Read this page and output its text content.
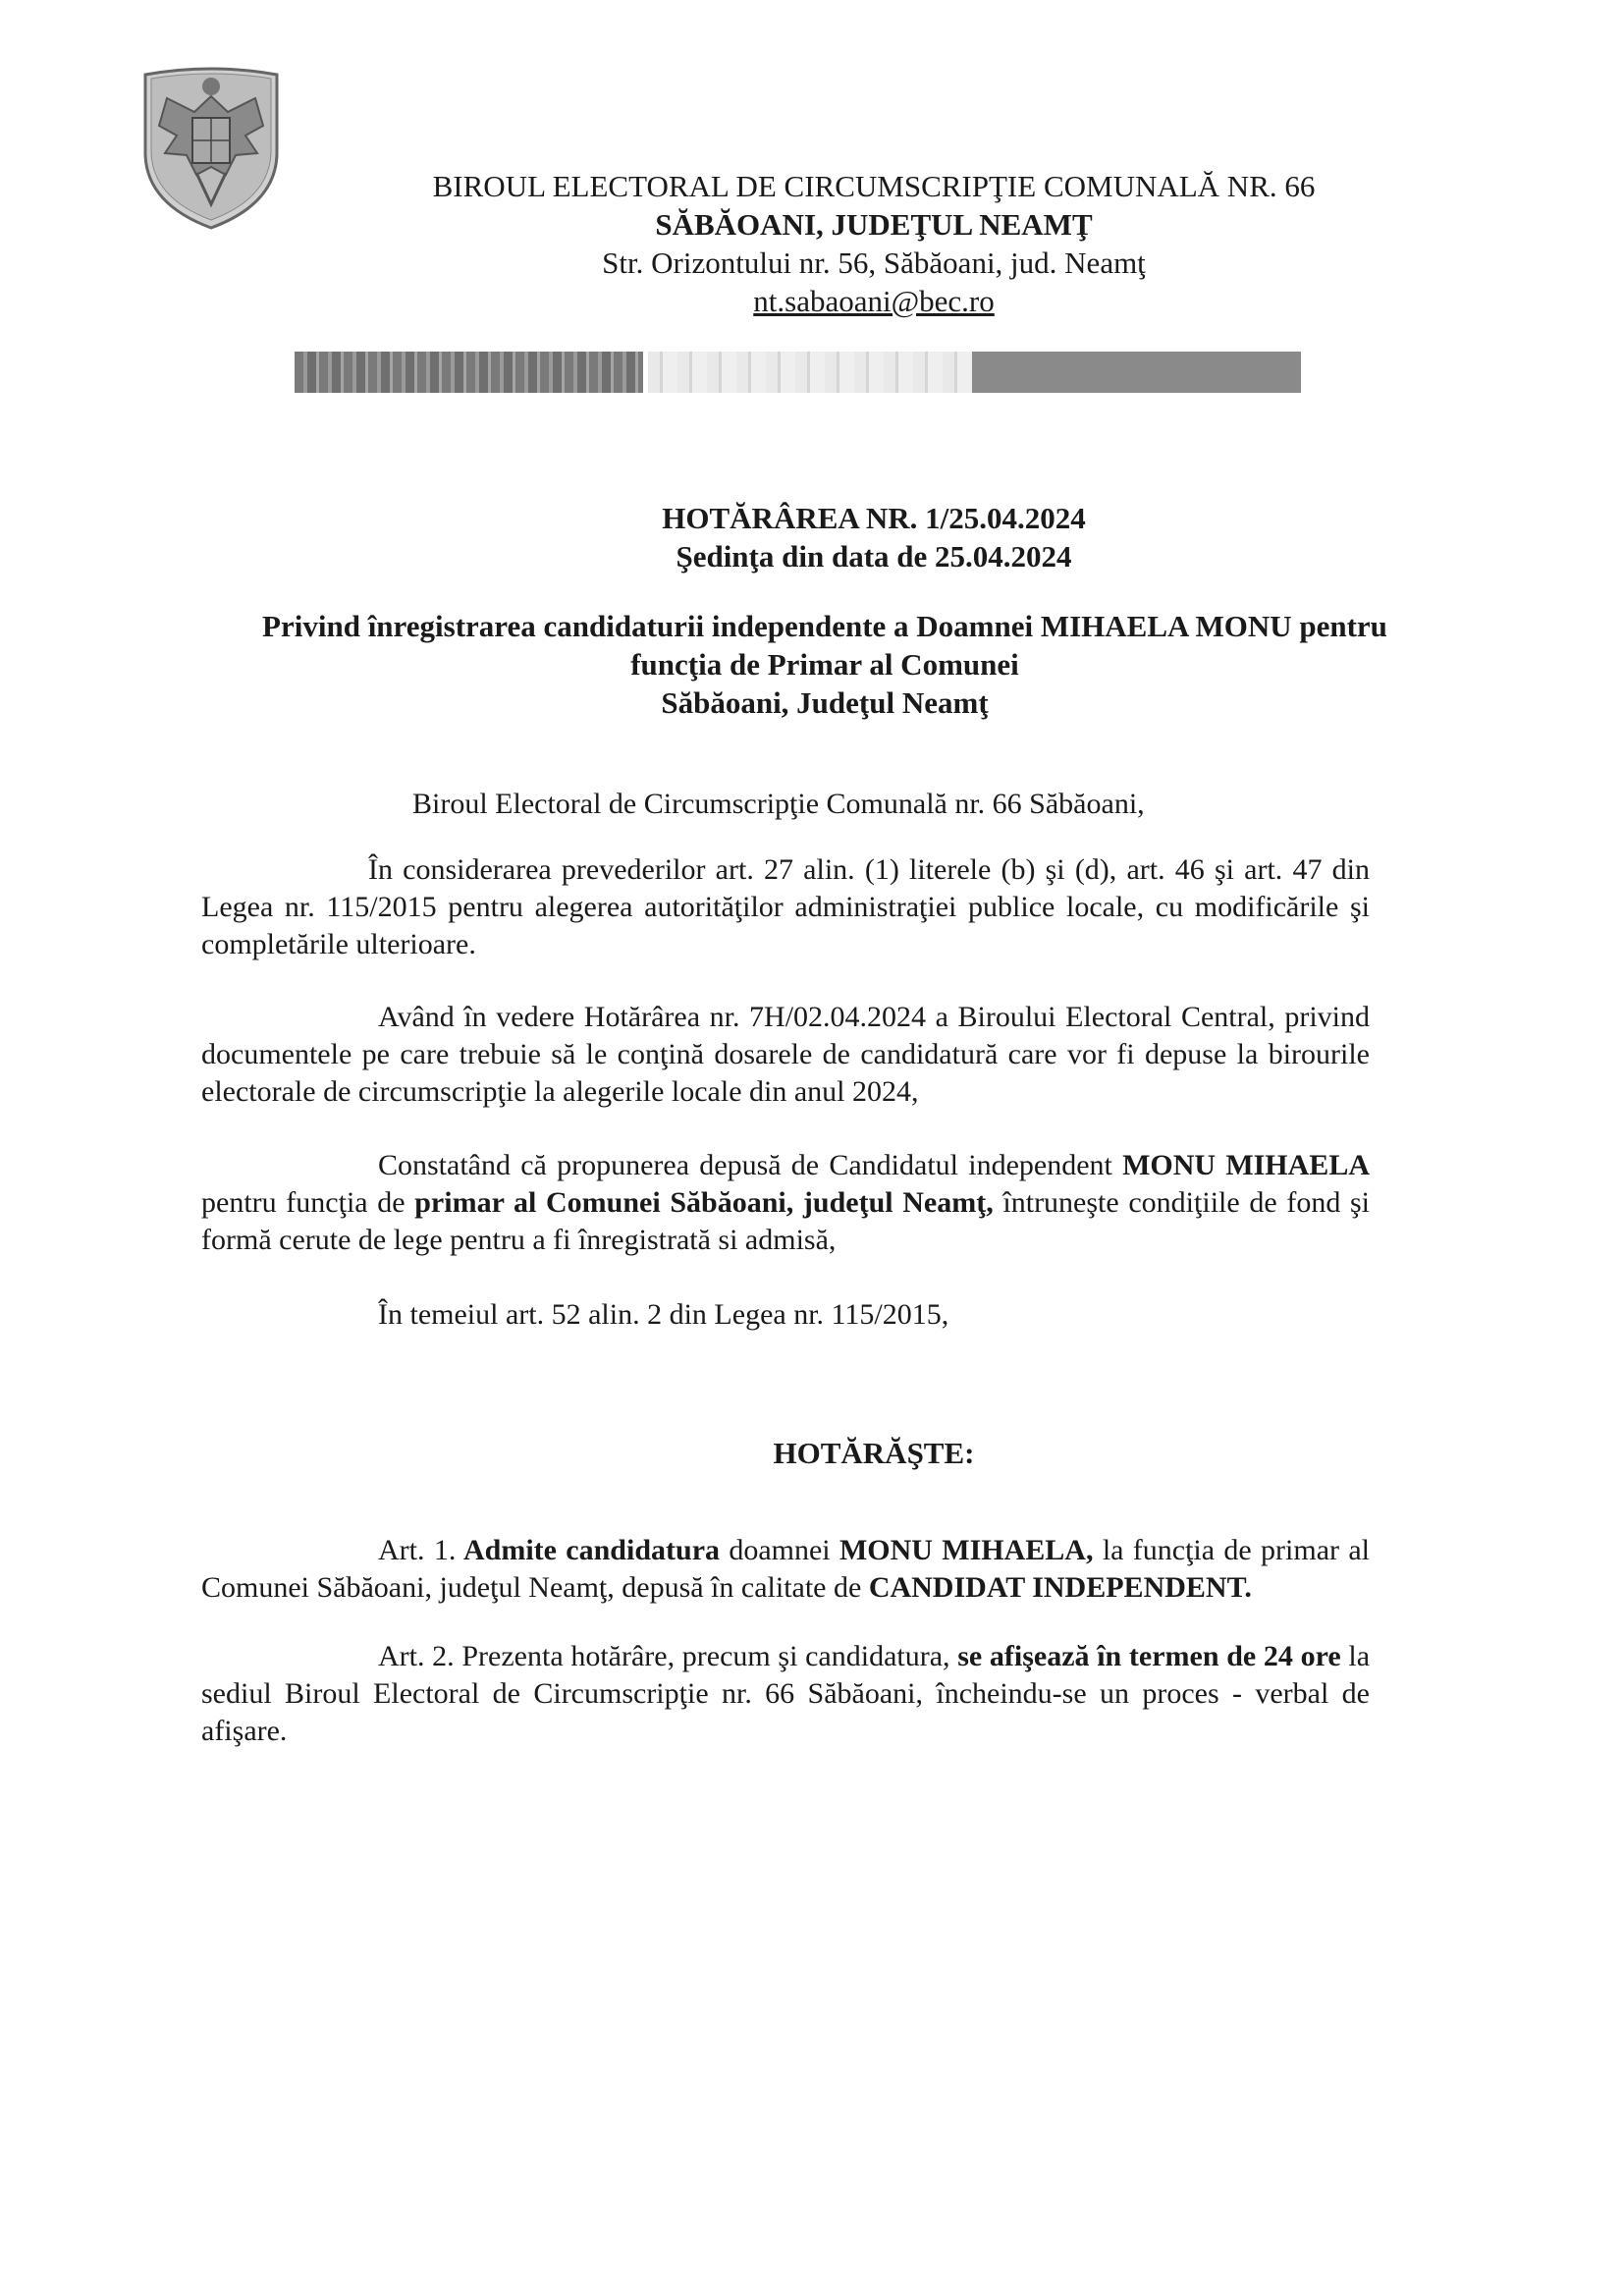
BIROUL ELECTORAL DE CIRCUMSCRIPŢIE COMUNALĂ NR. 66
SĂBĂOANI, JUDEŢUL NEAMŢ
Str. Orizontului nr. 56, Săbăoani, jud. Neamţ
nt.sabaoani@bec.ro
HOTĂRÂREA NR. 1/25.04.2024
Şedinţa din data de 25.04.2024
Privind înregistrarea candidaturii independente a Doamnei MIHAELA MONU pentru
funcţia de Primar al Comunei
Săbăoani, Judeţul Neamţ
Biroul Electoral de Circumscripţie Comunală nr. 66 Săbăoani,
În considerarea prevederilor art. 27 alin. (1) literele (b) şi (d), art. 46 şi art. 47 din Legea nr. 115/2015 pentru alegerea autorităţilor administraţiei publice locale, cu modificările şi completările ulterioare.
Având în vedere Hotărârea nr. 7H/02.04.2024 a Biroului Electoral Central, privind documentele pe care trebuie să le conţină dosarele de candidatură care vor fi depuse la birourile electorale de circumscripţie la alegerile locale din anul 2024,
Constatând că propunerea depusă de Candidatul independent MONU MIHAELA pentru funcţia de primar al Comunei Săbăoani, judeţul Neamţ, întruneşte condiţiile de fond şi formă cerute de lege pentru a fi înregistrată si admisă,
În temeiul art. 52 alin. 2 din Legea nr. 115/2015,
HOTĂRĂŞTE:
Art. 1. Admite candidatura doamnei MONU MIHAELA, la funcţia de primar al Comunei Săbăoani, judeţul Neamţ, depusă în calitate de CANDIDAT INDEPENDENT.
Art. 2. Prezenta hotărâre, precum şi candidatura, se afişează în termen de 24 ore la sediul Biroul Electoral de Circumscripţie nr. 66 Săbăoani, încheindu-se un proces - verbal de afişare.
